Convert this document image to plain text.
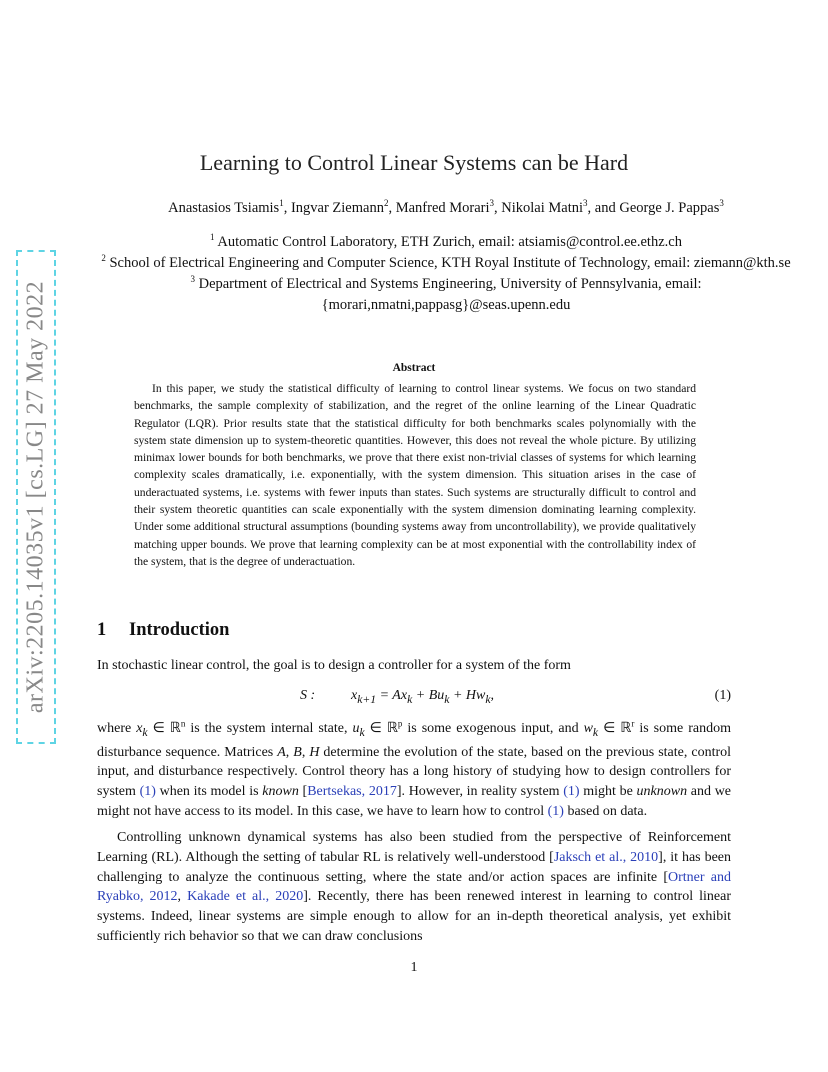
arXiv:2205.14035v1 [cs.LG] 27 May 2022
Learning to Control Linear Systems can be Hard
Anastasios Tsiamis$^1$, Ingvar Ziemann$^2$, Manfred Morari$^3$, Nikolai Matni$^3$, and George J. Pappas$^3$

$^1$ Automatic Control Laboratory, ETH Zurich, email: atsiamis@control.ee.ethz.ch

$^2$ School of Electrical Engineering and Computer Science, KTH Royal Institute of Technology, email: ziemann@kth.se

$^3$ Department of Electrical and Systems Engineering, University of Pennsylvania, email: {morari,nmatni,pappasg}@seas.upenn.edu

Abstract

In this paper, we study the statistical difficulty of learning to control linear systems. We focus on two standard benchmarks, the sample complexity of stabilization, and the regret of the online learning of the Linear Quadratic Regulator (LQR). Prior results state that the statistical difficulty for both benchmarks scales polynomially with the system state dimension up to system-theoretic quantities. However, this does not reveal the whole picture. By utilizing minimax lower bounds for both benchmarks, we prove that there exist non-trivial classes of systems for which learning complexity scales dramatically, i.e. exponentially, with the system dimension. This situation arises in the case of underactuated systems, i.e. systems with fewer inputs than states. Such systems are structurally difficult to control and their system theoretic quantities can scale exponentially with the system dimension dominating learning complexity. Under some additional structural assumptions (bounding systems away from uncontrollability), we provide qualitatively matching upper bounds. We prove that learning complexity can be at most exponential with the controllability index of the system, that is the degree of underactuation.

1 Introduction

In stochastic linear control, the goal is to design a controller for a system of the form

S :	$x_{k+1} = Ax_k + Bu_k + Hw_k$,	(1)

where $x_k$ ∈ ℝ$^n$ is the system internal state, $u_k$ ∈ ℝ$^p$ is some exogenous input, and $w_k$ ∈ ℝ$^r$ is some random disturbance sequence. Matrices A, B, H determine the evolution of the state, based on the previous state, control input, and disturbance respectively. Control theory has a long history of studying how to design controllers for system (1) when its model is known [Bertsekas, 2017]. However, in reality system (1) might be unknown and we might not have access to its model. In this case, we have to learn how to control (1) based on data.

Controlling unknown dynamical systems has also been studied from the perspective of Reinforcement Learning (RL). Although the setting of tabular RL is relatively well-understood [Jaksch et al., 2010], it has been challenging to analyze the continuous setting, where the state and/or action spaces are infinite [Ortner and Ryabko, 2012, Kakade et al., 2020]. Recently, there has been renewed interest in learning to control linear systems. Indeed, linear systems are simple enough to allow for an in-depth theoretical analysis, yet exhibit sufficiently rich behavior so that we can draw conclusions

1
